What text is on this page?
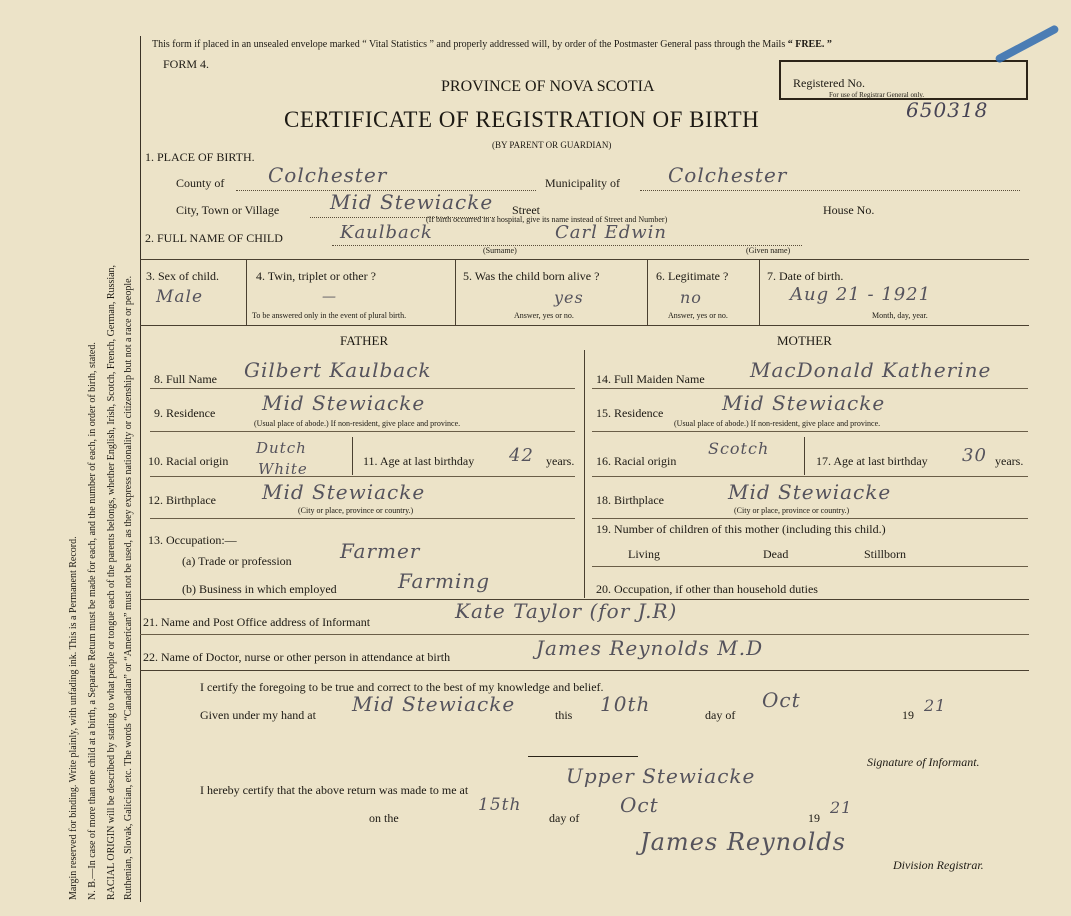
Margin reserved for binding. Write plainly, with unfading ink. This is a Permanent Record. N. B.—In case of more than one child at a birth, a Separate Return must be made for each, and the number of each, in order of birth, stated. RACIAL ORIGIN will be described by stating to what people or tongue each of the parents belongs, whether English, Irish, Scotch, French, German, Russian, Ruthenian, Slovak, Galician, etc. The words “Canadian” or “American” must not be used, as they express nationality or citizenship but not a race or people.
This form if placed in an unsealed envelope marked “ Vital Statistics ” and properly addressed will, by order of the Postmaster General pass through the Mails “ FREE. ”
FORM 4.
PROVINCE OF NOVA SCOTIA
CERTIFICATE OF REGISTRATION OF BIRTH
(BY PARENT OR GUARDIAN)
Registered No.
For use of Registrar General only.
650318
1. PLACE OF BIRTH.
County of Colchester	Municipality of Colchester
City, Town or Village	Mid Stewiacke Street	House No.
(If birth occurred in a hospital, give its name instead of Street and Number)
2. FULL NAME OF CHILD	Kaulback	Carl Edwin
(Surname)	(Given name)
3. Sex of child.
Male
4. Twin, triplet or other ?
—
To be answered only in the event of plural birth.
5. Was the child born alive ?
yes
Answer, yes or no.
6. Legitimate ?
no
Answer, yes or no.
7. Date of birth.
Aug 21 - 1921
Month, day, year.
FATHER	MOTHER
8. Full Name Gilbert Kaulback
9. Residence Mid Stewiacke
(Usual place of abode.) If non-resident, give place and province.
10. Racial origin
Dutch
White	11. Age at last birthday 42 years.
12. Birthplace Mid Stewiacke
(City or place, province or country.)
13. Occupation:—
(a) Trade or profession Farmer
(b) Business in which employed	Farming
14. Full Maiden Name MacDonald Katherine
15. Residence	Mid Stewiacke
(Usual place of abode.) If non-resident, give place and province.
16. Racial origin
Scotch
17. Age at last birthday 30 years.
18. Birthplace	Mid Stewiacke
(City or place, province or country.)
19. Number of children of this mother (including this child.)
Living	Dead	Stillborn
20. Occupation, if other than household duties
21. Name and Post Office address of Informant	Kate Taylor (for J.R)
22. Name of Doctor, nurse or other person in attendance at birth	James Reynolds M.D
I certify the foregoing to be true and correct to the best of my knowledge and belief.
Given under my hand at Mid Stewiacke	this 10th	day of
Oct
19 21
Signature of Informant.
I hereby certify that the above return was made to me at
Upper Stewiacke
on the
15th
day of
Oct
19
21
James Reynolds
Division Registrar.
